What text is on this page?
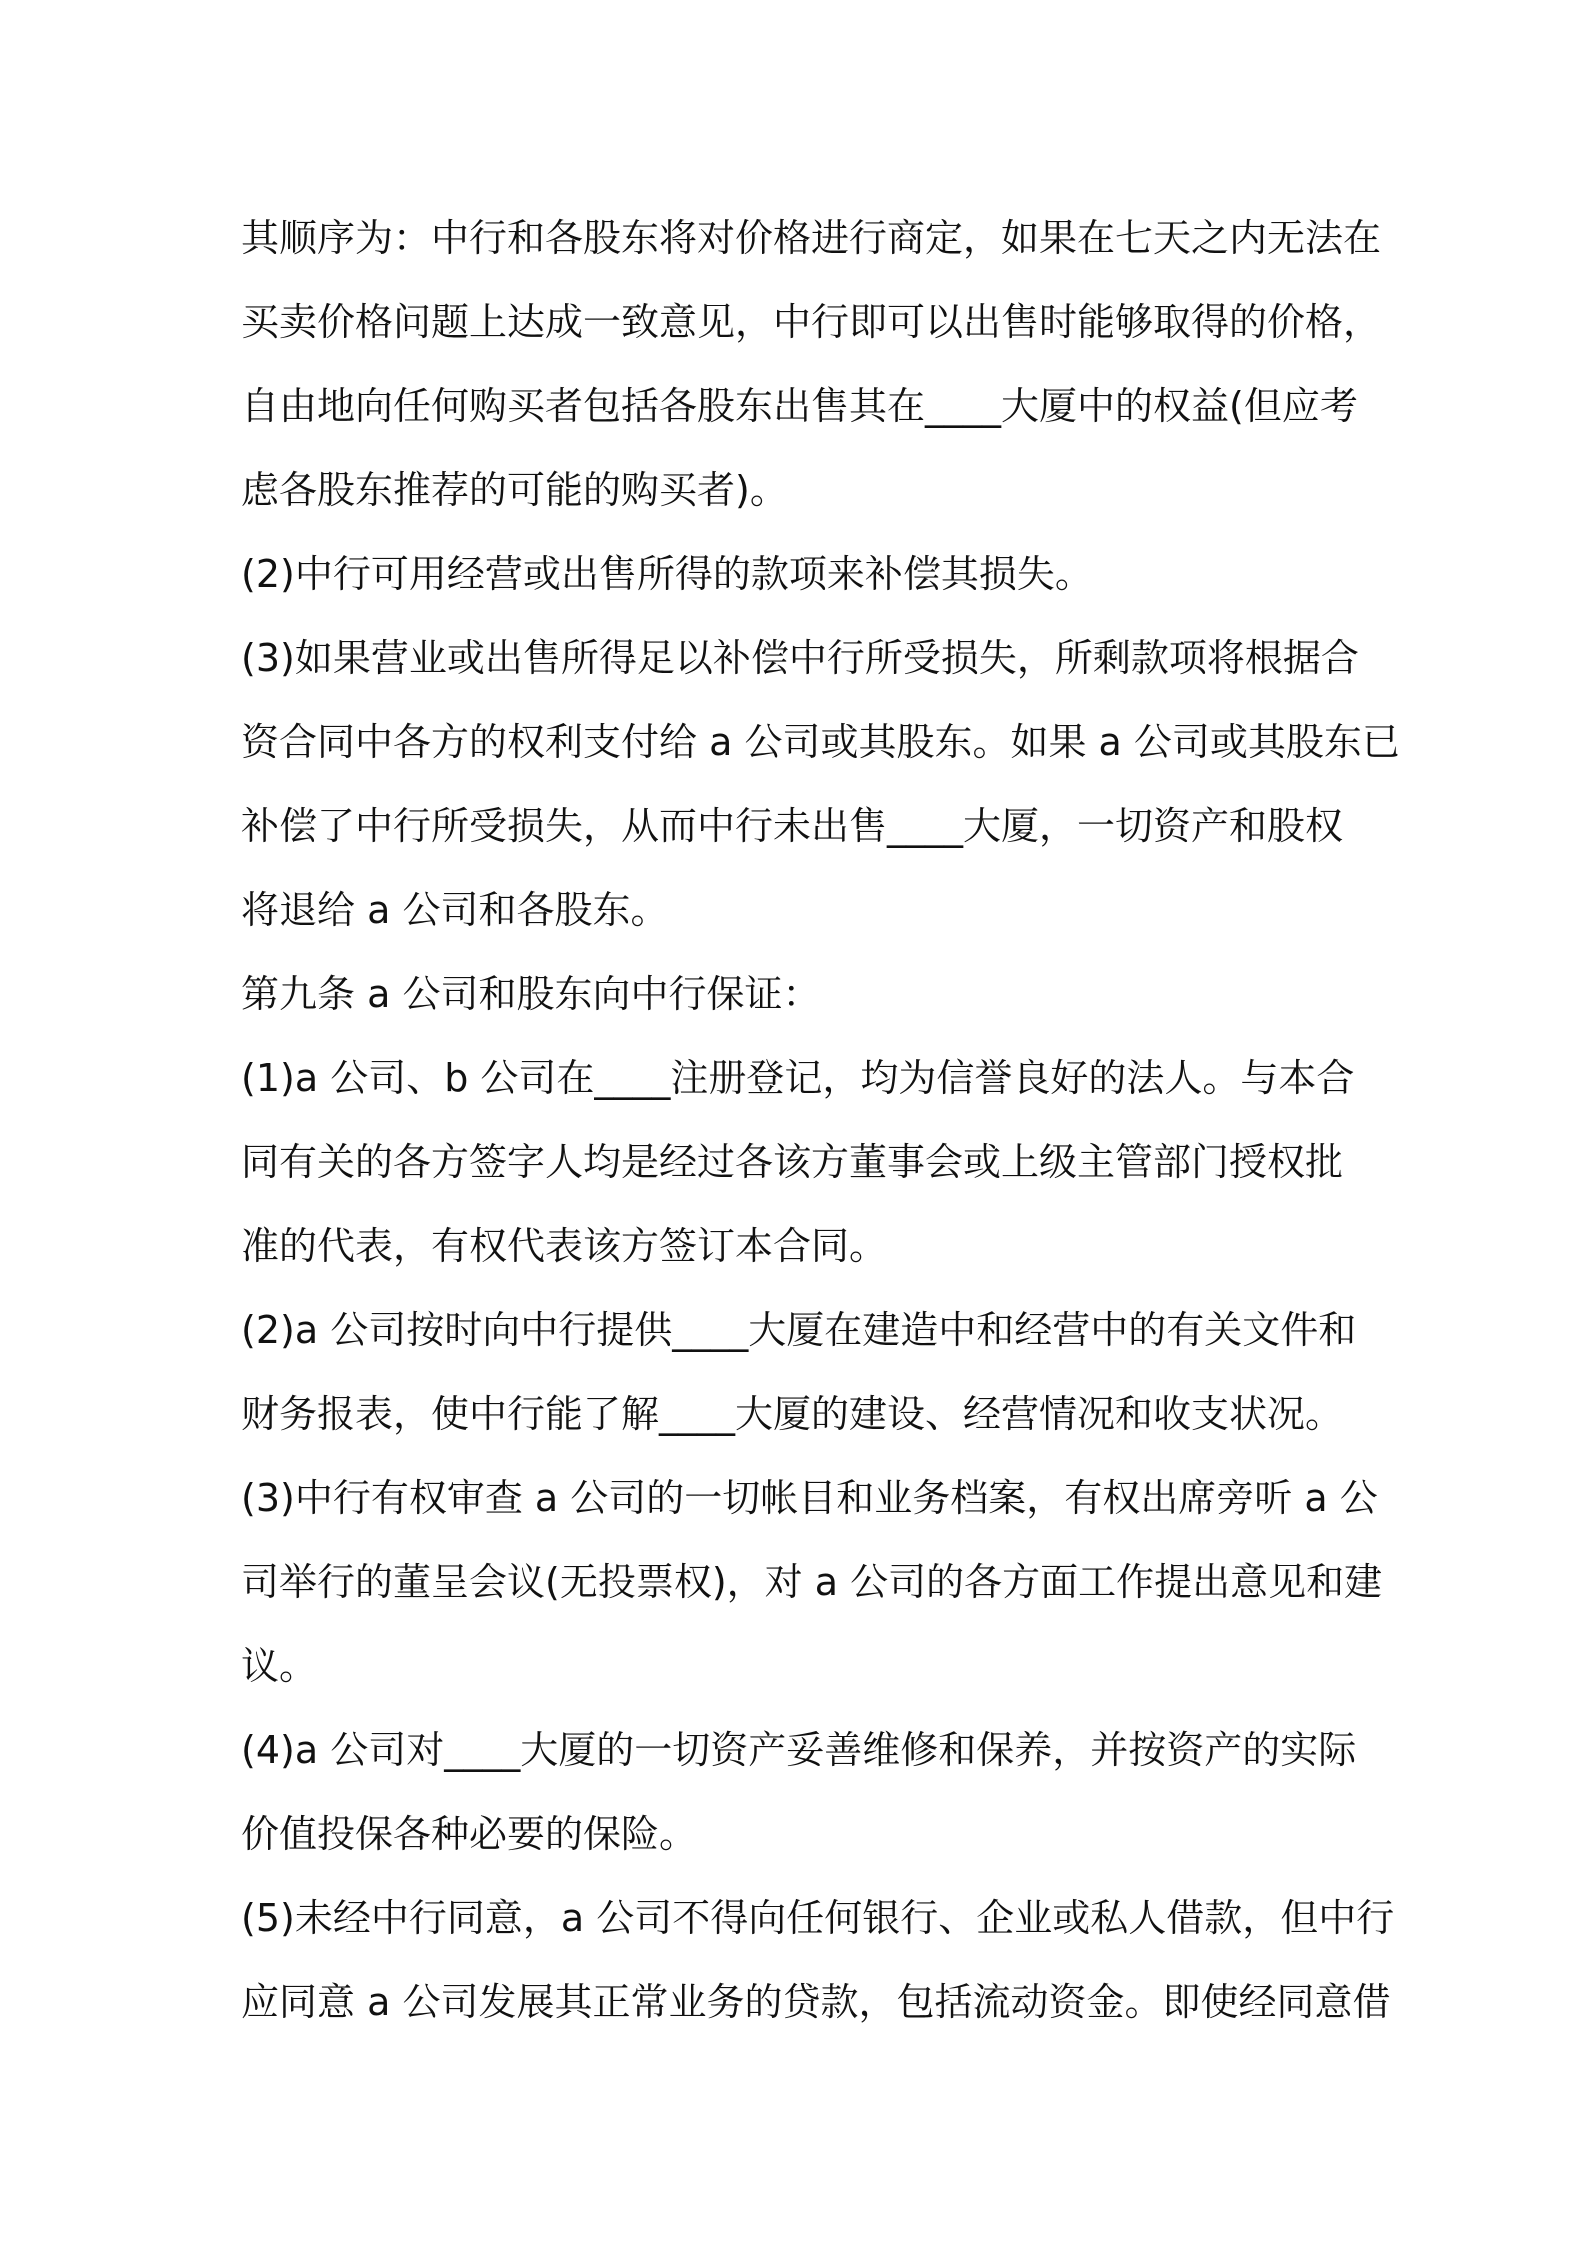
其顺序为：中行和各股东将对价格进行商定，如果在七天之内无法在
买卖价格问题上达成一致意见，中行即可以出售时能够取得的价格，
自由地向任何购买者包括各股东出售其在____大厦中的权益(但应考
虑各股东推荐的可能的购买者)。
(2)中行可用经营或出售所得的款项来补偿其损失。
(3)如果营业或出售所得足以补偿中行所受损失，所剩款项将根据合
资合同中各方的权利支付给 a 公司或其股东。如果 a 公司或其股东已
补偿了中行所受损失，从而中行未出售____大厦，一切资产和股权
将退给 a 公司和各股东。
第九条 a 公司和股东向中行保证：
(1)a 公司、b 公司在____注册登记，均为信誉良好的法人。与本合
同有关的各方签字人均是经过各该方董事会或上级主管部门授权批
准的代表，有权代表该方签订本合同。
(2)a 公司按时向中行提供____大厦在建造中和经营中的有关文件和
财务报表，使中行能了解____大厦的建设、经营情况和收支状况。
(3)中行有权审查 a 公司的一切帐目和业务档案，有权出席旁听 a 公
司举行的董呈会议(无投票权)，对 a 公司的各方面工作提出意见和建
议。
(4)a 公司对____大厦的一切资产妥善维修和保养，并按资产的实际
价值投保各种必要的保险。
(5)未经中行同意，a 公司不得向任何银行、企业或私人借款，但中行
应同意 a 公司发展其正常业务的贷款，包括流动资金。即使经同意借
